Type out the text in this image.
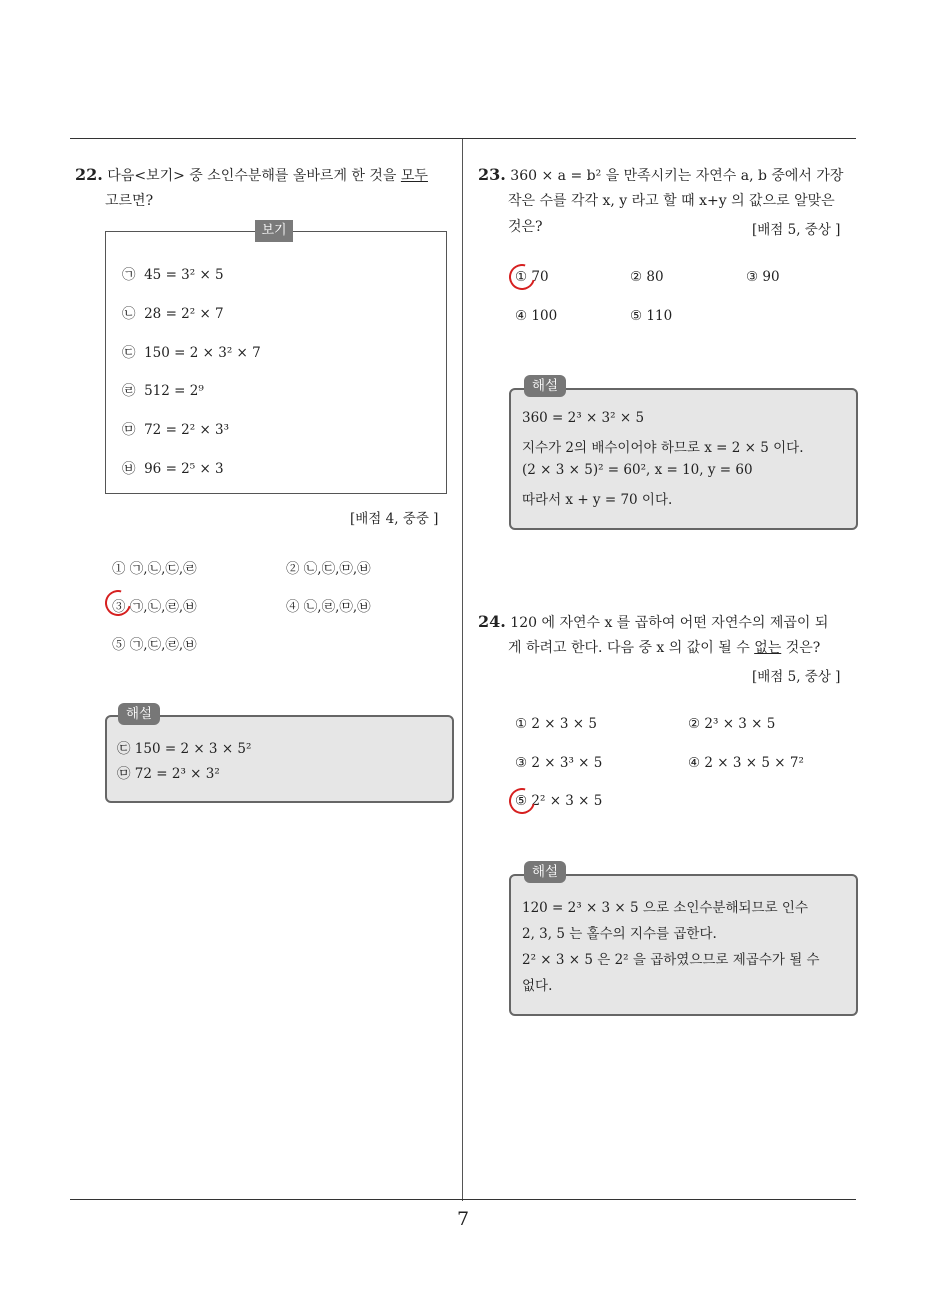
22. 다음<보기> 중 소인수분해를 올바르게 한 것을 모두
고르면?
보기
㉠ 45 = 3² × 5
㉡ 28 = 2² × 7
㉢ 150 = 2 × 3² × 7
㉣ 512 = 2⁹
㉤ 72 = 2² × 3³
㉥ 96 = 2⁵ × 3
[배점 4, 중중 ]
① ㉠,㉡,㉢,㉣	② ㉡,㉢,㉤,㉥
③ ㉠,㉡,㉣,㉥	④ ㉡,㉣,㉤,㉥
⑤ ㉠,㉢,㉣,㉥
해설
㉢ 150 = 2 × 3 × 5²
㉤ 72 = 2³ × 3²
23. 360 × a = b² 을 만족시키는 자연수 a, b 중에서 가장
작은 수를 각각 x, y 라고 할 때 x+y 의 값으로 알맞은
것은?	[배점 5, 중상 ]
① 70	② 80	③ 90
④ 100	⑤ 110
해설
360 = 2³ × 3² × 5
지수가 2의 배수이어야 하므로 x = 2 × 5 이다.
(2 × 3 × 5)² = 60², x = 10, y = 60
따라서 x + y = 70 이다.
24. 120 에 자연수 x 를 곱하여 어떤 자연수의 제곱이 되
게 하려고 한다. 다음 중 x 의 값이 될 수 없는 것은?
[배점 5, 중상 ]
① 2 × 3 × 5	② 2³ × 3 × 5
③ 2 × 3³ × 5	④ 2 × 3 × 5 × 7²
⑤ 2² × 3 × 5
해설
120 = 2³ × 3 × 5 으로 소인수분해되므로 인수
2, 3, 5 는 홀수의 지수를 곱한다.
2² × 3 × 5 은 2² 을 곱하였으므로 제곱수가 될 수
없다.
7
